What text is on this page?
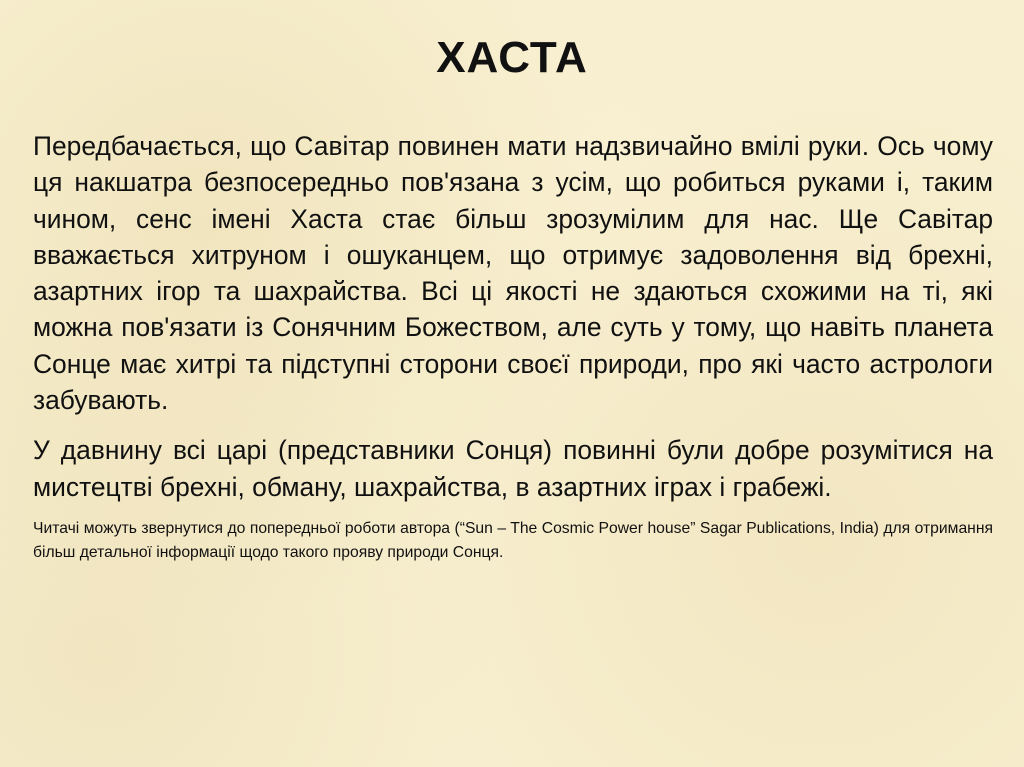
ХАСТА

Передбачається, що Савітар повинен мати надзвичайно вмілі руки. Ось чому ця накшатра безпосередньо пов'язана з усім, що робиться руками і, таким чином, сенс імені Хаста стає більш зрозумілим для нас. Ще Савітар вважається хитруном і ошуканцем, що отримує задоволення від брехні, азартних ігор та шахрайства. Всі ці якості не здаються схожими на ті, які можна пов'язати із Сонячним Божеством, але суть у тому, що навіть планета Сонце має хитрі та підступні сторони своєї природи, про які часто астрологи забувають.

У давнину всі царі (представники Сонця) повинні були добре розумітися на мистецтві брехні, обману, шахрайства, в азартних іграх і грабежі.

Читачі можуть звернутися до попередньої роботи автора (“Sun – The Cosmic Power house” Sagar Publications, India) для отримання більш детальної інформації щодо такого прояву природи Сонця.
